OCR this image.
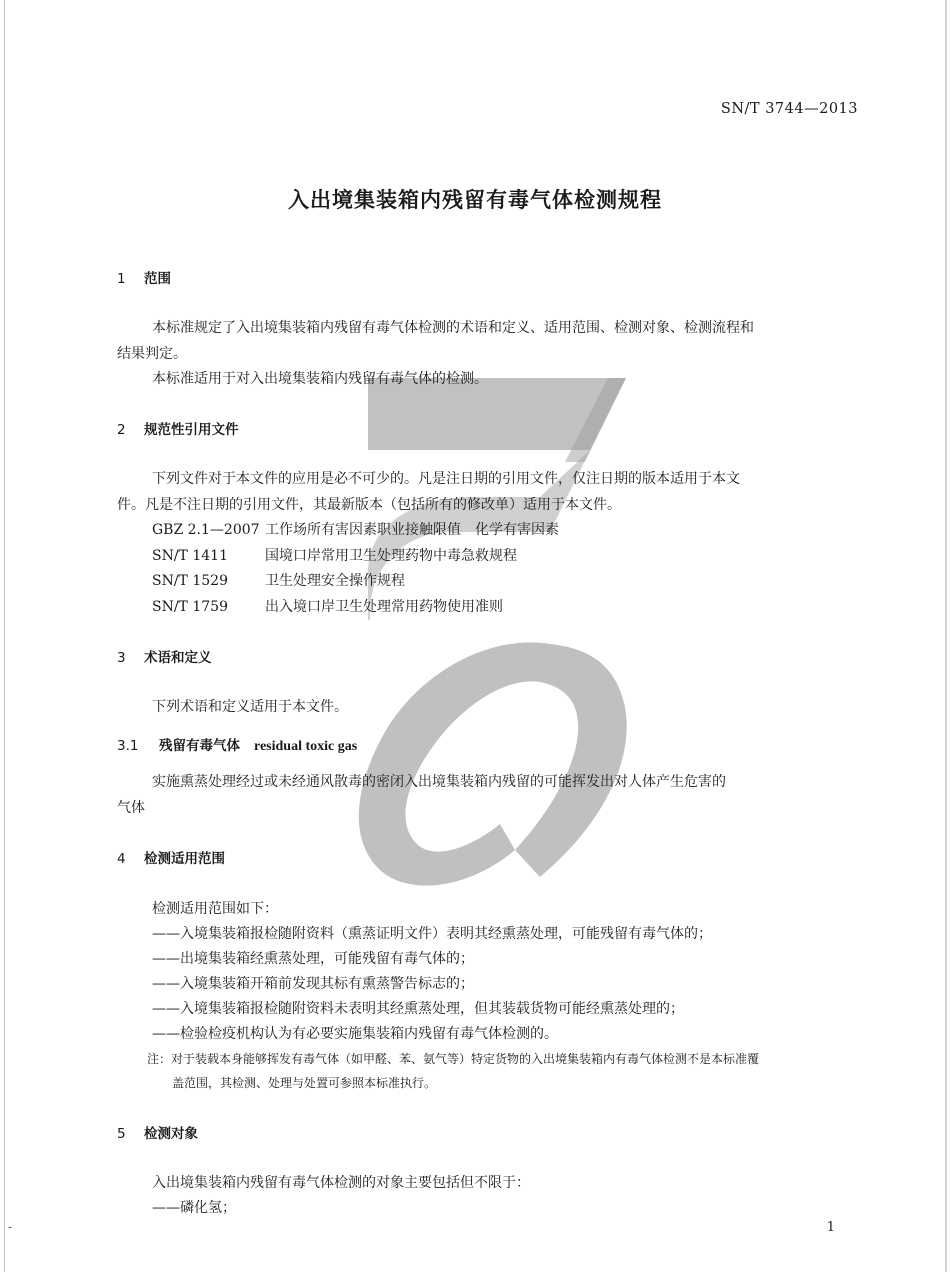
SN/T 3744—2013
入出境集装箱内残留有毒气体检测规程
1 范围
本标准规定了入出境集装箱内残留有毒气体检测的术语和定义、适用范围、检测对象、检测流程和
结果判定。
本标准适用于对入出境集装箱内残留有毒气体的检测。
2 规范性引用文件
下列文件对于本文件的应用是必不可少的。凡是注日期的引用文件，仅注日期的版本适用于本文
件。凡是不注日期的引用文件，其最新版本（包括所有的修改单）适用于本文件。
GBZ 2.1—2007 工作场所有害因素职业接触限值　化学有害因素
SN/T 1411	国境口岸常用卫生处理药物中毒急救规程
SN/T 1529	卫生处理安全操作规程
SN/T 1759	出入境口岸卫生处理常用药物使用准则
3 术语和定义
下列术语和定义适用于本文件。
3.1 残留有毒气体 residual toxic gas
实施熏蒸处理经过或未经通风散毒的密闭入出境集装箱内残留的可能挥发出对人体产生危害的
气体
4 检测适用范围
检测适用范围如下：
——入境集装箱报检随附资料（熏蒸证明文件）表明其经熏蒸处理，可能残留有毒气体的；
——出境集装箱经熏蒸处理，可能残留有毒气体的；
——入境集装箱开箱前发现其标有熏蒸警告标志的；
——入境集装箱报检随附资料未表明其经熏蒸处理，但其装载货物可能经熏蒸处理的；
——检验检疫机构认为有必要实施集装箱内残留有毒气体检测的。
注：对于装载本身能够挥发有毒气体（如甲醛、苯、氨气等）特定货物的入出境集装箱内有毒气体检测不是本标准覆
盖范围，其检测、处理与处置可参照本标准执行。
5 检测对象
入出境集装箱内残留有毒气体检测的对象主要包括但不限于：
——磷化氢；
1
-
